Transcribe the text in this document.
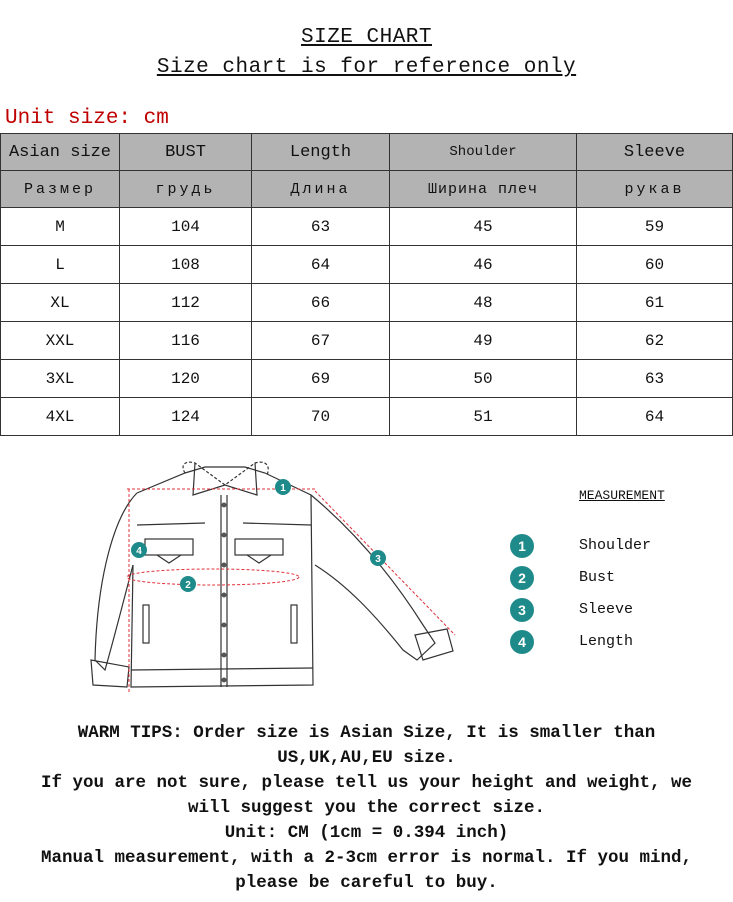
SIZE CHART
Size chart is for reference only
Unit size: cm
Asian size	BUST	Length	Shoulder	Sleeve
Размер	грудь	Длина	Ширина плеч	рукав
M	104	63	45	59
L	108	64	46	60
XL	112	66	48	61
XXL	116	67	49	62
3XL	120	69	50	63
4XL	124	70	51	64
1
2
3
4
MEASUREMENT
1	Shoulder
2	Bust
3	Sleeve
4	Length
WARM TIPS: Order size is Asian Size, It is smaller than
US,UK,AU,EU size.
If you are not sure, please tell us your height and weight, we
will suggest you the correct size.
Unit: CM (1cm = 0.394 inch)
Manual measurement, with a 2-3cm error is normal. If you mind,
please be careful to buy.
